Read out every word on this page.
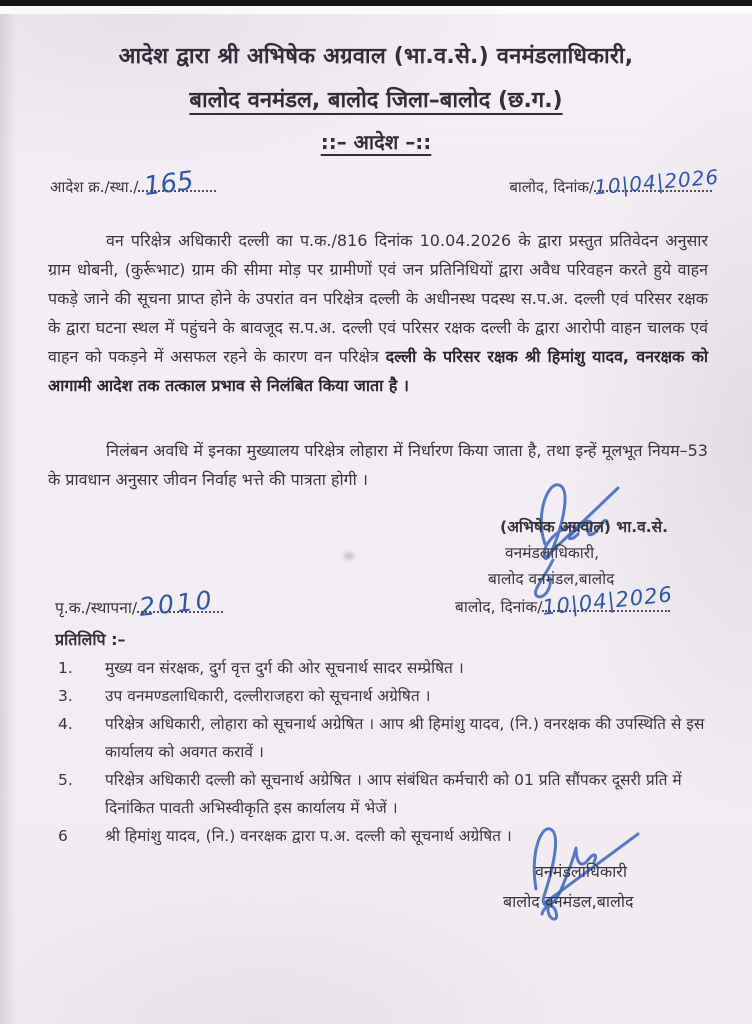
आदेश द्वारा श्री अभिषेक अग्रवाल (भा.व.से.) वनमंडलाधिकारी,
बालोद वनमंडल, बालोद जिला–बालोद (छ.ग.)
::– आदेश –::
आदेश क्र./स्था./ 165	बालोद, दिनांक/ 10|04|2026
वन परिक्षेत्र अधिकारी दल्ली का प.क./816 दिनांक 10.04.2026 के द्वारा प्रस्तुत प्रतिवेदन अनुसार ग्राम धोबनी, (कुर्रूभाट) ग्राम की सीमा मोड़ पर ग्रामीणों एवं जन प्रतिनिधियों द्वारा अवैध परिवहन करते हुये वाहन पकड़े जाने की सूचना प्राप्त होने के उपरांत वन परिक्षेत्र दल्ली के अधीनस्थ पदस्थ स.प.अ. दल्ली एवं परिसर रक्षक के द्वारा घटना स्थल में पहुंचने के बावजूद स.प.अ. दल्ली एवं परिसर रक्षक दल्ली के द्वारा आरोपी वाहन चालक एवं वाहन को पकड़ने में असफल रहने के कारण वन परिक्षेत्र दल्ली के परिसर रक्षक श्री हिमांशु यादव, वनरक्षक को आगामी आदेश तक तत्काल प्रभाव से निलंबित किया जाता है ।
निलंबन अवधि में इनका मुख्यालय परिक्षेत्र लोहारा में निर्धारण किया जाता है, तथा इन्हें मूलभूत नियम–53 के प्रावधान अनुसार जीवन निर्वाह भत्ते की पात्रता होगी ।
(अभिषेक अग्रवाल) भा.व.से.
वनमंडलाधिकारी,
बालोद वनमंडल,बालोद
बालोद, दिनांक/ 10|04|2026
पृ.क./स्थापना/ 2010
प्रतिलिपि :–
1.	मुख्य वन संरक्षक, दुर्ग वृत्त दुर्ग की ओर सूचनार्थ सादर सम्प्रेषित ।
3.	उप वनमण्डलाधिकारी, दल्लीराजहरा को सूचनार्थ अग्रेषित ।
4.	परिक्षेत्र अधिकारी, लोहारा को सूचनार्थ अग्रेषित । आप श्री हिमांशु यादव, (नि.) वनरक्षक की उपस्थिति से इस कार्यालय को अवगत करावें ।
5.	परिक्षेत्र अधिकारी दल्ली को सूचनार्थ अग्रेषित । आप संबंधित कर्मचारी को 01 प्रति सौंपकर दूसरी प्रति में दिनांकित पावती अभिस्वीकृति इस कार्यालय में भेजें ।
6	श्री हिमांशु यादव, (नि.) वनरक्षक द्वारा प.अ. दल्ली को सूचनार्थ अग्रेषित ।
वनमंडलाधिकारी
बालोद वनमंडल,बालोद
